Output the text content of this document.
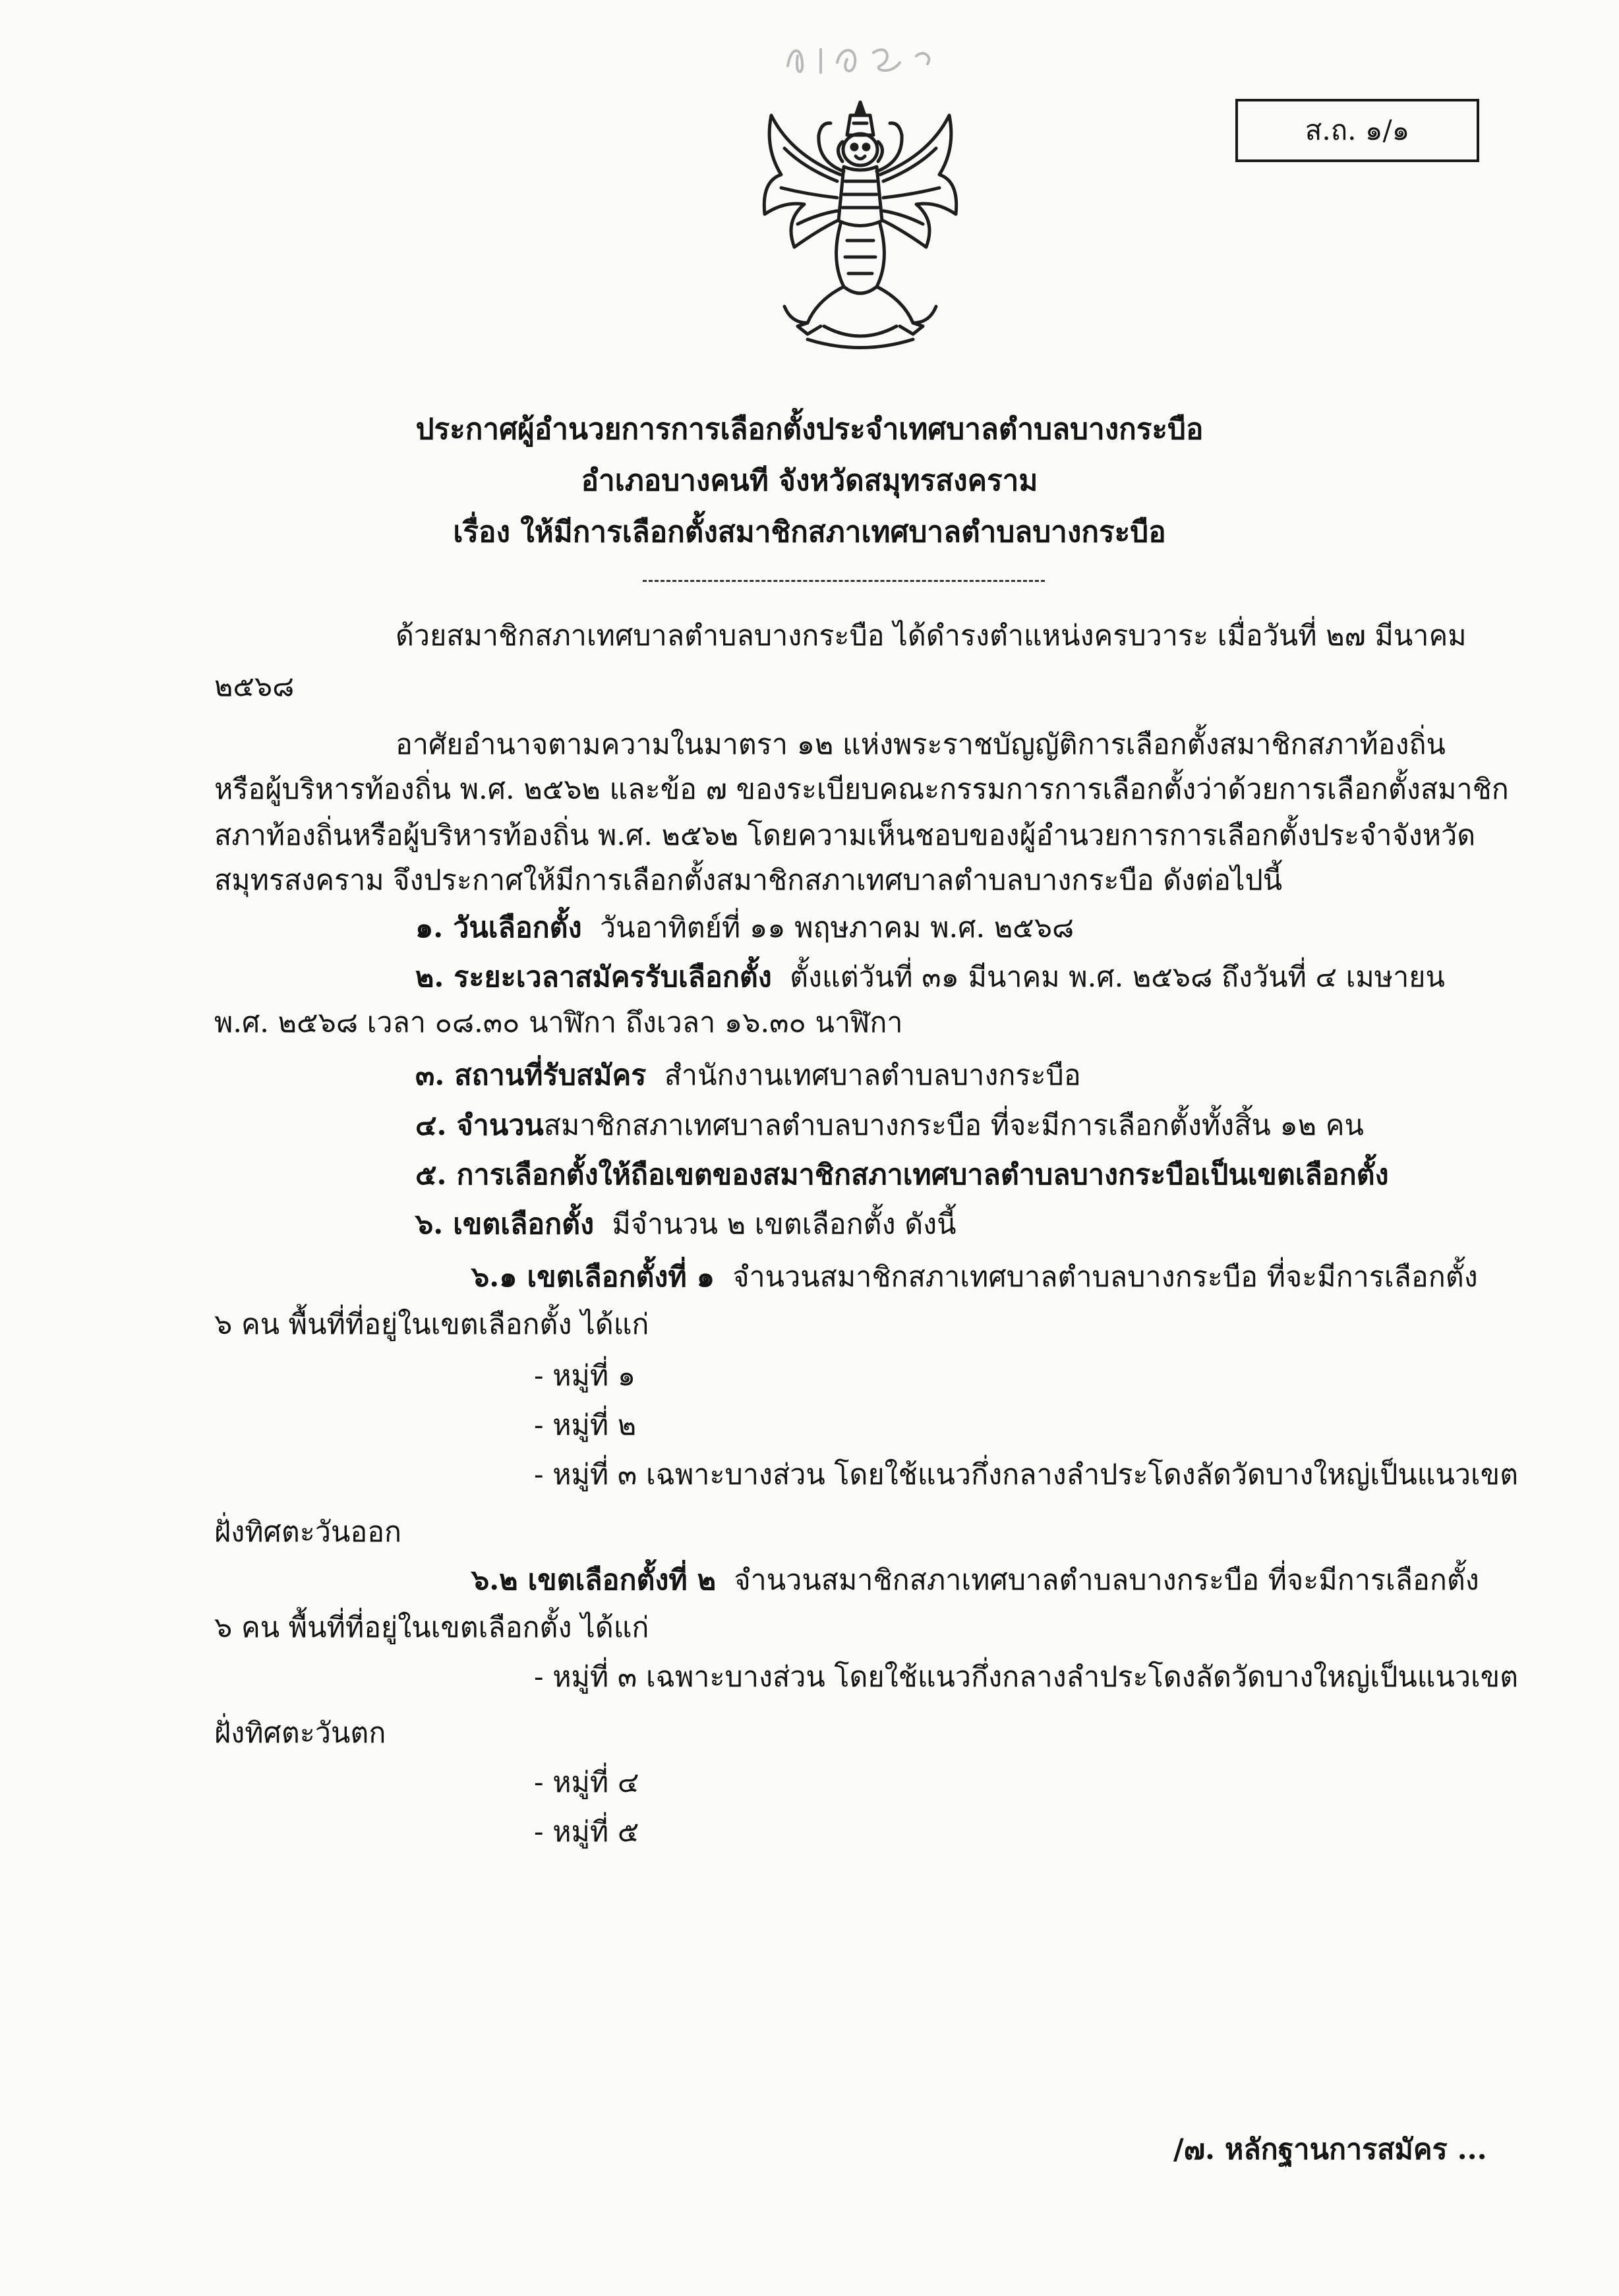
ส.ถ. ๑/๑
ประกาศผู้อำนวยการการเลือกตั้งประจำเทศบาลตำบลบางกระบือ
อำเภอบางคนที จังหวัดสมุทรสงคราม
เรื่อง ให้มีการเลือกตั้งสมาชิกสภาเทศบาลตำบลบางกระบือ
ด้วยสมาชิกสภาเทศบาลตำบลบางกระบือ ได้ดำรงตำแหน่งครบวาระ เมื่อวันที่ ๒๗ มีนาคม
๒๕๖๘
อาศัยอำนาจตามความในมาตรา ๑๒ แห่งพระราชบัญญัติการเลือกตั้งสมาชิกสภาท้องถิ่น
หรือผู้บริหารท้องถิ่น พ.ศ. ๒๕๖๒ และข้อ ๗ ของระเบียบคณะกรรมการการเลือกตั้งว่าด้วยการเลือกตั้งสมาชิก
สภาท้องถิ่นหรือผู้บริหารท้องถิ่น พ.ศ. ๒๕๖๒ โดยความเห็นชอบของผู้อำนวยการการเลือกตั้งประจำจังหวัด
สมุทรสงคราม จึงประกาศให้มีการเลือกตั้งสมาชิกสภาเทศบาลตำบลบางกระบือ ดังต่อไปนี้
๑. วันเลือกตั้ง วันอาทิตย์ที่ ๑๑ พฤษภาคม พ.ศ. ๒๕๖๘
๒. ระยะเวลาสมัครรับเลือกตั้ง ตั้งแต่วันที่ ๓๑ มีนาคม พ.ศ. ๒๕๖๘ ถึงวันที่ ๔ เมษายน
พ.ศ. ๒๕๖๘ เวลา ๐๘.๓๐ นาฬิกา ถึงเวลา ๑๖.๓๐ นาฬิกา
๓. สถานที่รับสมัคร สำนักงานเทศบาลตำบลบางกระบือ
๔. จำนวนสมาชิกสภาเทศบาลตำบลบางกระบือ ที่จะมีการเลือกตั้งทั้งสิ้น ๑๒ คน
๕. การเลือกตั้งให้ถือเขตของสมาชิกสภาเทศบาลตำบลบางกระบือเป็นเขตเลือกตั้ง
๖. เขตเลือกตั้ง มีจำนวน ๒ เขตเลือกตั้ง ดังนี้
๖.๑ เขตเลือกตั้งที่ ๑ จำนวนสมาชิกสภาเทศบาลตำบลบางกระบือ ที่จะมีการเลือกตั้ง
๖ คน พื้นที่ที่อยู่ในเขตเลือกตั้ง ได้แก่
- หมู่ที่ ๑
- หมู่ที่ ๒
- หมู่ที่ ๓ เฉพาะบางส่วน โดยใช้แนวกึ่งกลางลำประโดงลัดวัดบางใหญ่เป็นแนวเขต
ฝั่งทิศตะวันออก
๖.๒ เขตเลือกตั้งที่ ๒ จำนวนสมาชิกสภาเทศบาลตำบลบางกระบือ ที่จะมีการเลือกตั้ง
๖ คน พื้นที่ที่อยู่ในเขตเลือกตั้ง ได้แก่
- หมู่ที่ ๓ เฉพาะบางส่วน โดยใช้แนวกึ่งกลางลำประโดงลัดวัดบางใหญ่เป็นแนวเขต
ฝั่งทิศตะวันตก
- หมู่ที่ ๔
- หมู่ที่ ๕
/๗. หลักฐานการสมัคร ...
